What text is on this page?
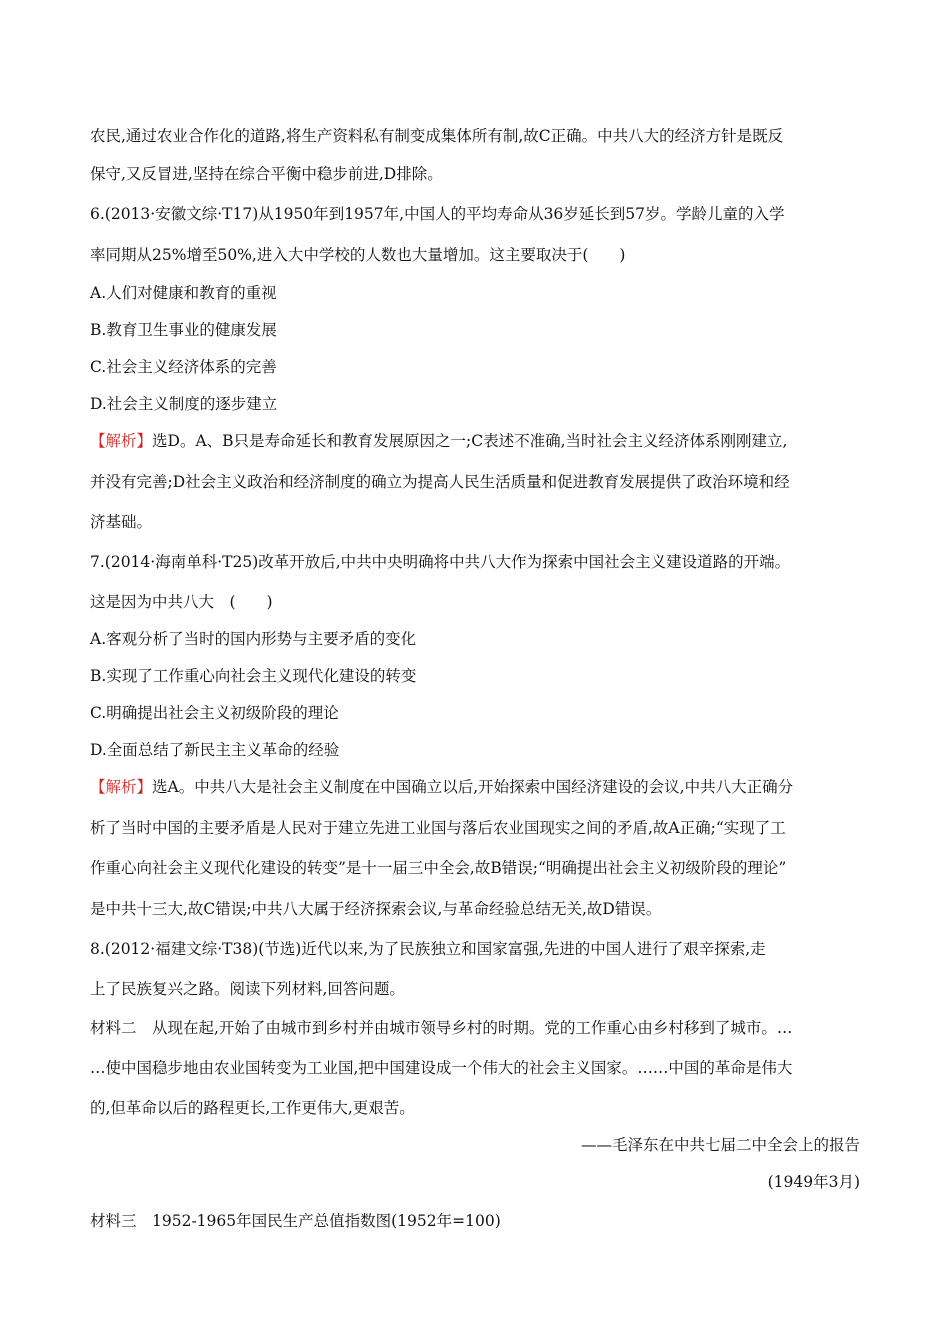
农民,通过农业合作化的道路,将生产资料私有制变成集体所有制,故C正确。中共八大的经济方针是既反
保守,又反冒进,坚持在综合平衡中稳步前进,D排除。
6.(2013·安徽文综·T17)从1950年到1957年,中国人的平均寿命从36岁延长到57岁。学龄儿童的入学
率同期从25%增至50%,进入大中学校的人数也大量增加。这主要取决于(　　)
A.人们对健康和教育的重视
B.教育卫生事业的健康发展
C.社会主义经济体系的完善
D.社会主义制度的逐步建立
【解析】选D。A、B只是寿命延长和教育发展原因之一;C表述不准确,当时社会主义经济体系刚刚建立,
并没有完善;D社会主义政治和经济制度的确立为提高人民生活质量和促进教育发展提供了政治环境和经
济基础。
7.(2014·海南单科·T25)改革开放后,中共中央明确将中共八大作为探索中国社会主义建设道路的开端。
这是因为中共八大　(　　)
A.客观分析了当时的国内形势与主要矛盾的变化
B.实现了工作重心向社会主义现代化建设的转变
C.明确提出社会主义初级阶段的理论
D.全面总结了新民主主义革命的经验
【解析】选A。中共八大是社会主义制度在中国确立以后,开始探索中国经济建设的会议,中共八大正确分
析了当时中国的主要矛盾是人民对于建立先进工业国与落后农业国现实之间的矛盾,故A正确;“实现了工
作重心向社会主义现代化建设的转变”是十一届三中全会,故B错误;“明确提出社会主义初级阶段的理论”
是中共十三大,故C错误;中共八大属于经济探索会议,与革命经验总结无关,故D错误。
8.(2012·福建文综·T38)(节选)近代以来,为了民族独立和国家富强,先进的中国人进行了艰辛探索,走
上了民族复兴之路。阅读下列材料,回答问题。
材料二　从现在起,开始了由城市到乡村并由城市领导乡村的时期。党的工作重心由乡村移到了城市。…
…使中国稳步地由农业国转变为工业国,把中国建设成一个伟大的社会主义国家。……中国的革命是伟大
的,但革命以后的路程更长,工作更伟大,更艰苦。
——毛泽东在中共七届二中全会上的报告
(1949年3月)
材料三　1952-1965年国民生产总值指数图(1952年=100)
